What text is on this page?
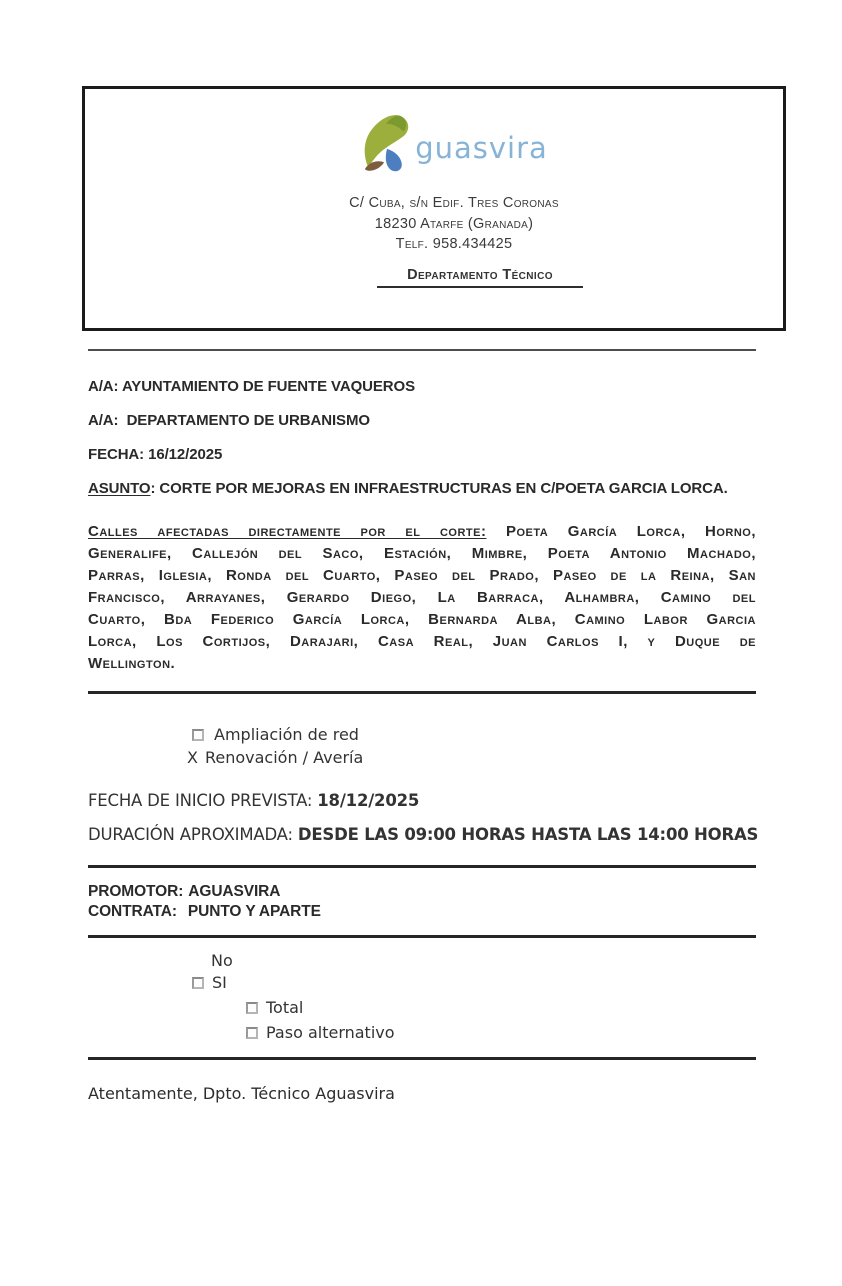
guasvira
C/ Cuba, s/n Edif. Tres Coronas
18230 Atarfe (Granada)
Telf. 958.434425
Departamento Técnico

A/A: AYUNTAMIENTO DE FUENTE VAQUEROS

A/A:  DEPARTAMENTO DE URBANISMO

FECHA: 16/12/2025

ASUNTO: CORTE POR MEJORAS EN INFRAESTRUCTURAS EN C/POETA GARCIA LORCA.

Calles afectadas directamente por el corte: Poeta García Lorca, Horno, Generalife, Callejón del Saco, Estación, Mimbre, Poeta Antonio Machado, Parras, Iglesia, Ronda del Cuarto, Paseo del Prado, Paseo de la Reina, San Francisco, Arrayanes, Gerardo Diego, La Barraca, Alhambra, Camino del Cuarto, Bda Federico García Lorca, Bernarda Alba, Camino Labor Garcia Lorca, Los Cortijos, Darajari, Casa Real, Juan Carlos I, y Duque de Wellington.

Ampliación de red
X Renovación / Avería

FECHA DE INICIO PREVISTA: 18/12/2025

DURACIÓN APROXIMADA: DESDE LAS 09:00 HORAS HASTA LAS 14:00 HORAS

PROMOTOR: AGUASVIRA
CONTRATA: PUNTO Y APARTE
No
SI
Total
Paso alternativo

Atentamente, Dpto. Técnico Aguasvira
